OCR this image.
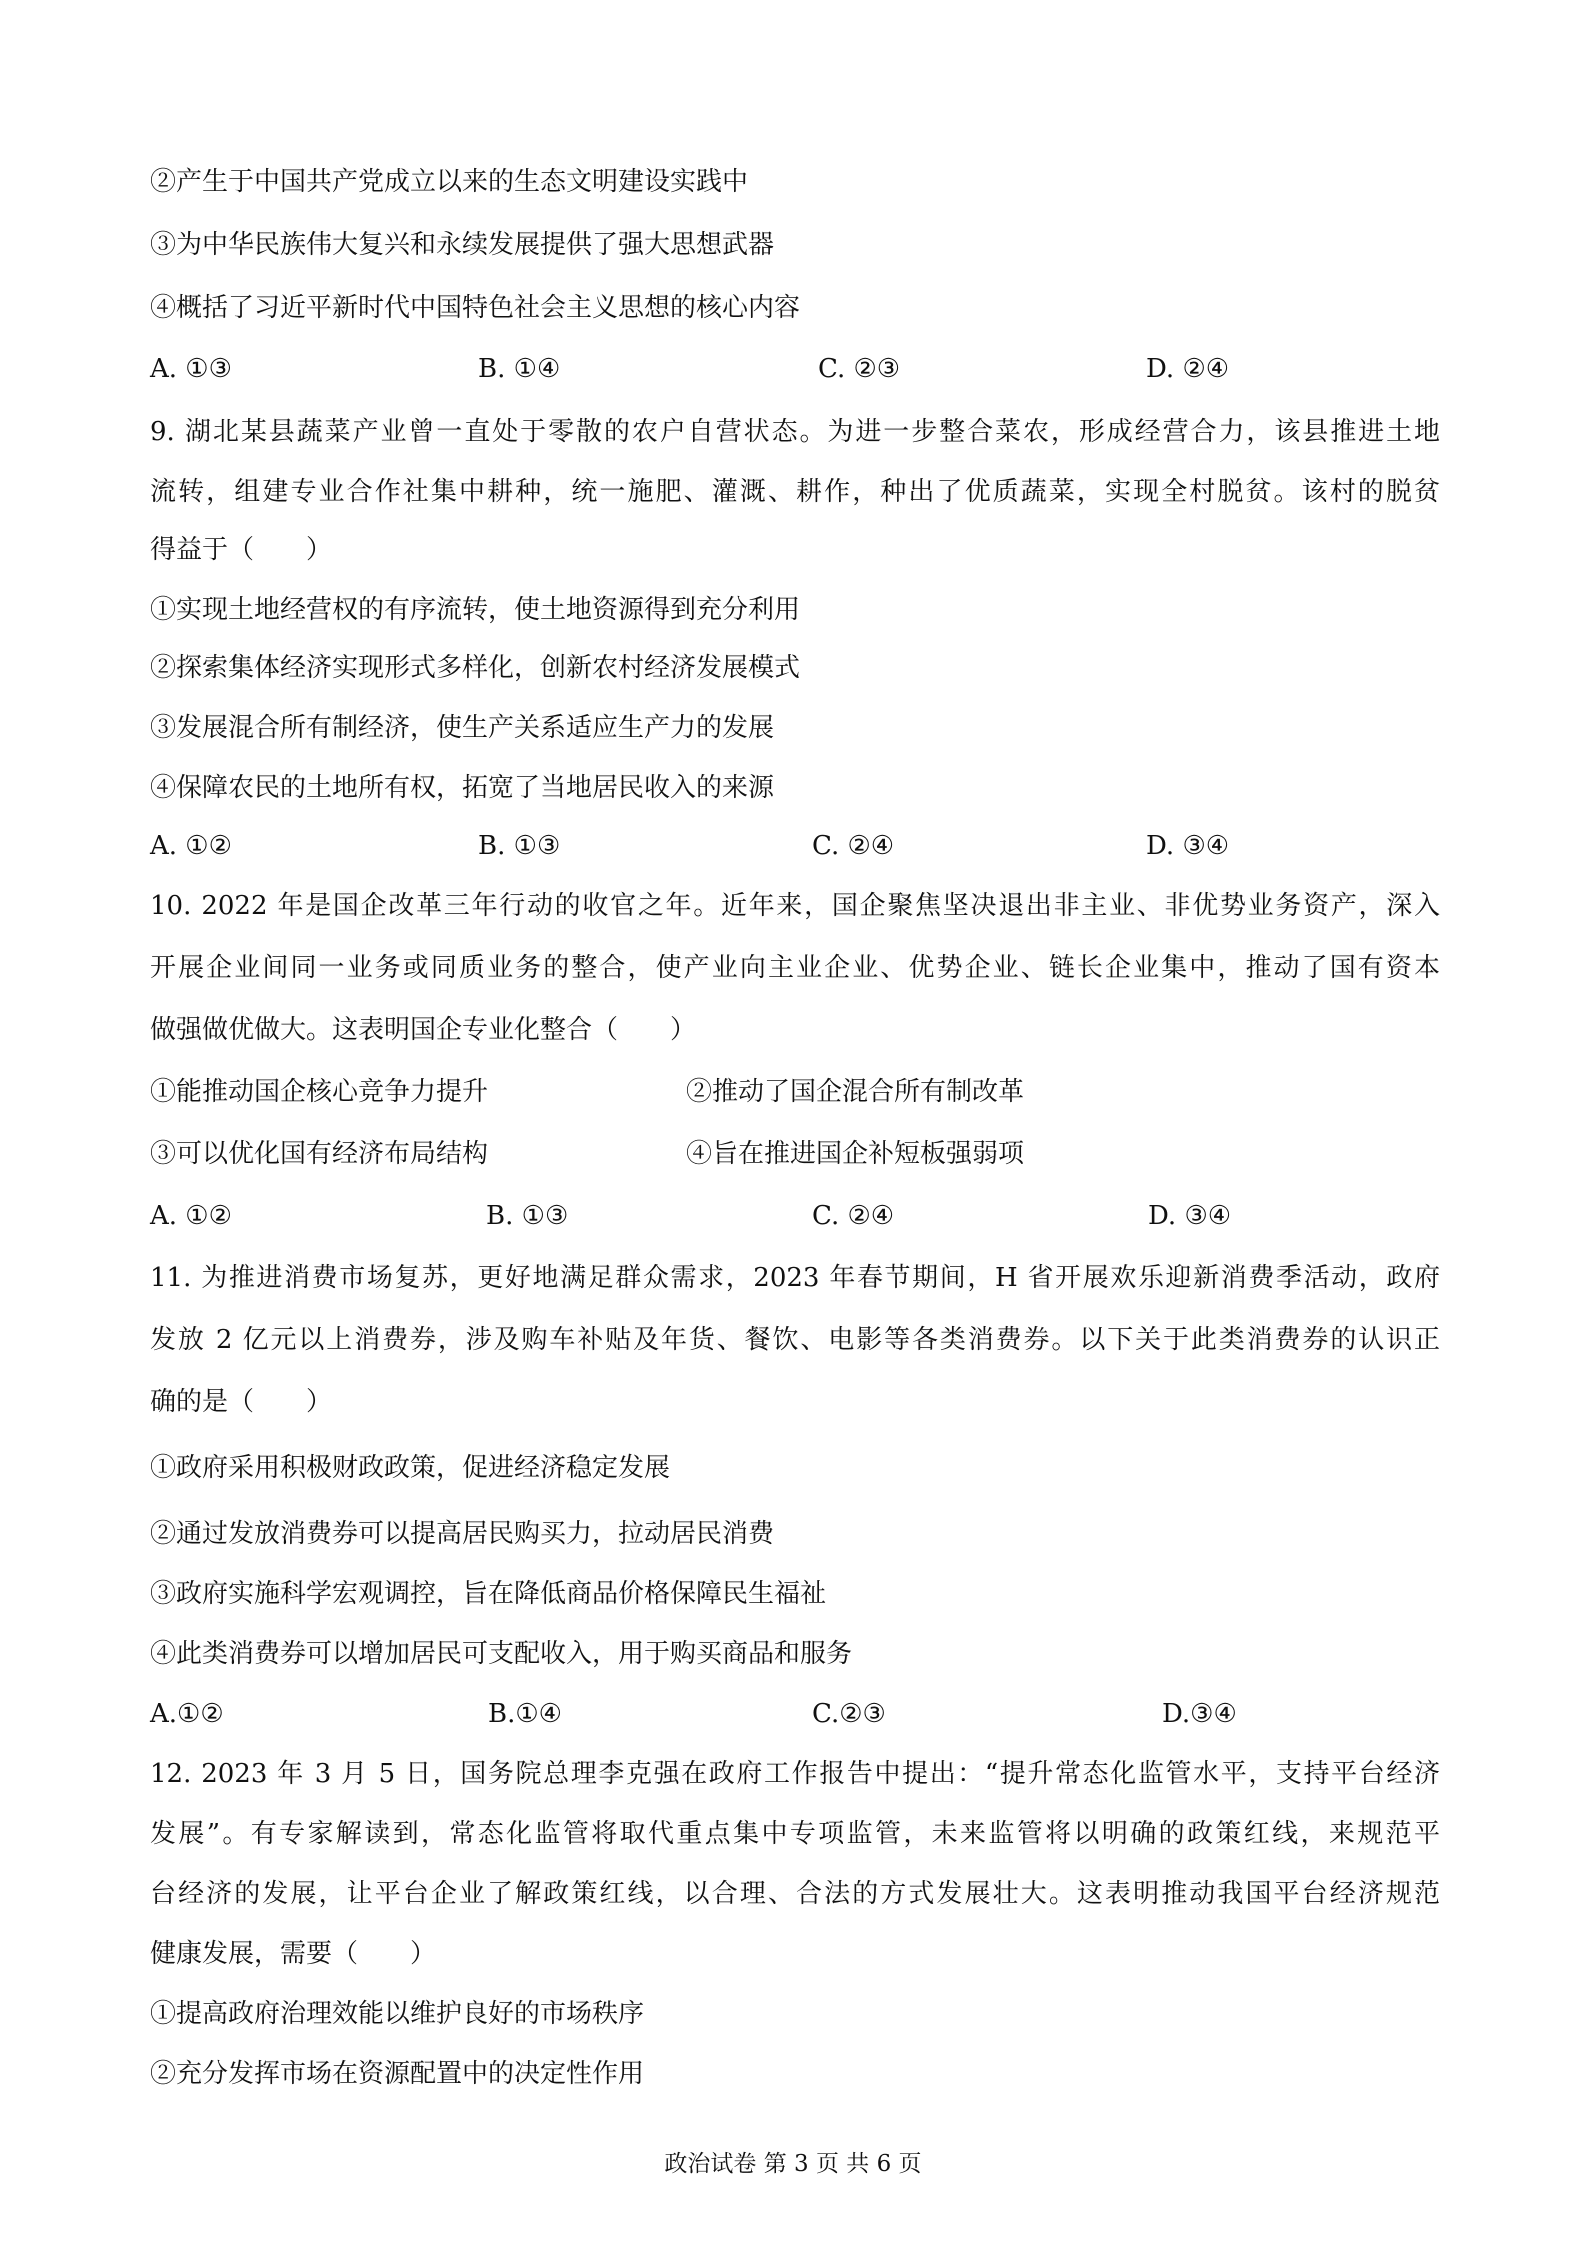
②产生于中国共产党成立以来的生态文明建设实践中
③为中华民族伟大复兴和永续发展提供了强大思想武器
④概括了习近平新时代中国特色社会主义思想的核心内容
A. ①③	B. ①④	C. ②③	D. ②④
9. 湖北某县蔬菜产业曾一直处于零散的农户自营状态。为进一步整合菜农，形成经营合力，该县推进土地
流转，组建专业合作社集中耕种，统一施肥、灌溉、耕作，种出了优质蔬菜，实现全村脱贫。该村的脱贫
得益于（　　）
①实现土地经营权的有序流转，使土地资源得到充分利用
②探索集体经济实现形式多样化，创新农村经济发展模式
③发展混合所有制经济，使生产关系适应生产力的发展
④保障农民的土地所有权，拓宽了当地居民收入的来源
A. ①②	B. ①③	C. ②④	D. ③④
10. 2022 年是国企改革三年行动的收官之年。近年来，国企聚焦坚决退出非主业、非优势业务资产，深入
开展企业间同一业务或同质业务的整合，使产业向主业企业、优势企业、链长企业集中，推动了国有资本
做强做优做大。这表明国企专业化整合（　　）
①能推动国企核心竞争力提升	②推动了国企混合所有制改革
③可以优化国有经济布局结构	④旨在推进国企补短板强弱项
A. ①②	B. ①③	C. ②④	D. ③④
11. 为推进消费市场复苏，更好地满足群众需求，2023 年春节期间，H 省开展欢乐迎新消费季活动，政府
发放 2 亿元以上消费券，涉及购车补贴及年货、餐饮、电影等各类消费券。以下关于此类消费券的认识正
确的是（　　）
①政府采用积极财政政策，促进经济稳定发展
②通过发放消费券可以提高居民购买力，拉动居民消费
③政府实施科学宏观调控，旨在降低商品价格保障民生福祉
④此类消费券可以增加居民可支配收入，用于购买商品和服务
A.①②	B.①④	C.②③	D.③④
12. 2023 年 3 月 5 日，国务院总理李克强在政府工作报告中提出：“提升常态化监管水平，支持平台经济
发展”。有专家解读到，常态化监管将取代重点集中专项监管，未来监管将以明确的政策红线，来规范平
台经济的发展，让平台企业了解政策红线，以合理、合法的方式发展壮大。这表明推动我国平台经济规范
健康发展，需要（　　）
①提高政府治理效能以维护良好的市场秩序
②充分发挥市场在资源配置中的决定性作用
政治试卷 第 3 页 共 6 页
